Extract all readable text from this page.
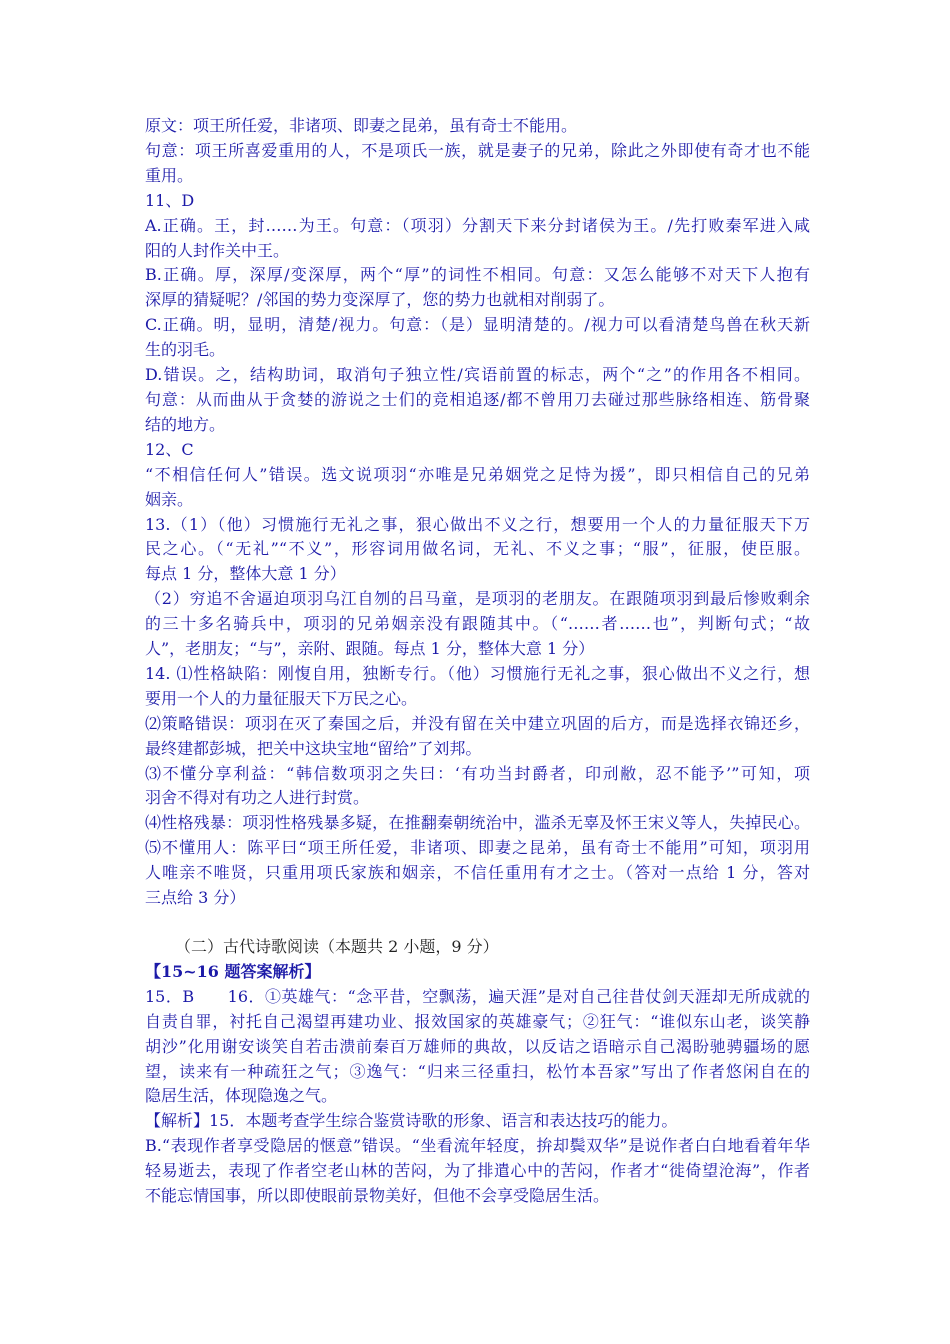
原文：项王所任爱，非诸项、即妻之昆弟，虽有奇士不能用。

句意：项王所喜爱重用的人，不是项氏一族，就是妻子的兄弟，除此之外即使有奇才也不能

重用。

11、D

A.正确。王，封……为王。句意：（项羽）分割天下来分封诸侯为王。/先打败秦军进入咸

阳的人封作关中王。

B.正确。厚，深厚/变深厚，两个“厚”的词性不相同。句意：又怎么能够不对天下人抱有

深厚的猜疑呢？/邻国的势力变深厚了，您的势力也就相对削弱了。

C.正确。明，显明，清楚/视力。句意：（是）显明清楚的。/视力可以看清楚鸟兽在秋天新

生的羽毛。

D.错误。之，结构助词，取消句子独立性/宾语前置的标志，两个“之”的作用各不相同。

句意：从而曲从于贪婪的游说之士们的竞相追逐/都不曾用刀去碰过那些脉络相连、筋骨聚

结的地方。

12、C

“不相信任何人”错误。选文说项羽“亦唯是兄弟姻党之足恃为援”，即只相信自己的兄弟

姻亲。

13.（1）（他）习惯施行无礼之事，狠心做出不义之行，想要用一个人的力量征服天下万

民之心。（“无礼”“不义”，形容词用做名词，无礼、不义之事；“服”，征服，使臣服。

每点 1 分，整体大意 1 分）

（2）穷追不舍逼迫项羽乌江自刎的吕马童，是项羽的老朋友。在跟随项羽到最后惨败剩余

的三十多名骑兵中，项羽的兄弟姻亲没有跟随其中。（“……者……也”，判断句式；“故

人”，老朋友；“与”，亲附、跟随。每点 1 分，整体大意 1 分）

14. ⑴性格缺陷：刚愎自用，独断专行。（他）习惯施行无礼之事，狠心做出不义之行，想

要用一个人的力量征服天下万民之心。

⑵策略错误：项羽在灭了秦国之后，并没有留在关中建立巩固的后方，而是选择衣锦还乡，

最终建都彭城，把关中这块宝地“留给”了刘邦。

⑶不懂分享利益：“韩信数项羽之失曰：‘有功当封爵者，印刓敝，忍不能予’”可知，项

羽舍不得对有功之人进行封赏。

⑷性格残暴：项羽性格残暴多疑，在推翻秦朝统治中，滥杀无辜及怀王宋义等人，失掉民心。

⑸不懂用人：陈平曰“项王所任爱，非诸项、即妻之昆弟，虽有奇士不能用”可知，项羽用

人唯亲不唯贤，只重用项氏家族和姻亲，不信任重用有才之士。（答对一点给 1 分，答对

三点给 3 分）

（二）古代诗歌阅读（本题共 2 小题，9 分）

【15~16 题答案解析】

15．B　　16．①英雄气：“念平昔，空飘荡，遍天涯”是对自己往昔仗剑天涯却无所成就的

自责自罪，衬托自己渴望再建功业、报效国家的英雄豪气；②狂气：“谁似东山老，谈笑静

胡沙”化用谢安谈笑自若击溃前秦百万雄师的典故，以反诘之语暗示自己渴盼驰骋疆场的愿

望，读来有一种疏狂之气；③逸气：“归来三径重扫，松竹本吾家”写出了作者悠闲自在的

隐居生活，体现隐逸之气。

【解析】15．本题考查学生综合鉴赏诗歌的形象、语言和表达技巧的能力。

B.“表现作者享受隐居的惬意”错误。“坐看流年轻度，拚却鬓双华”是说作者白白地看着年华

轻易逝去，表现了作者空老山林的苦闷，为了排遣心中的苦闷，作者才“徙倚望沧海”，作者

不能忘情国事，所以即使眼前景物美好，但他不会享受隐居生活。
